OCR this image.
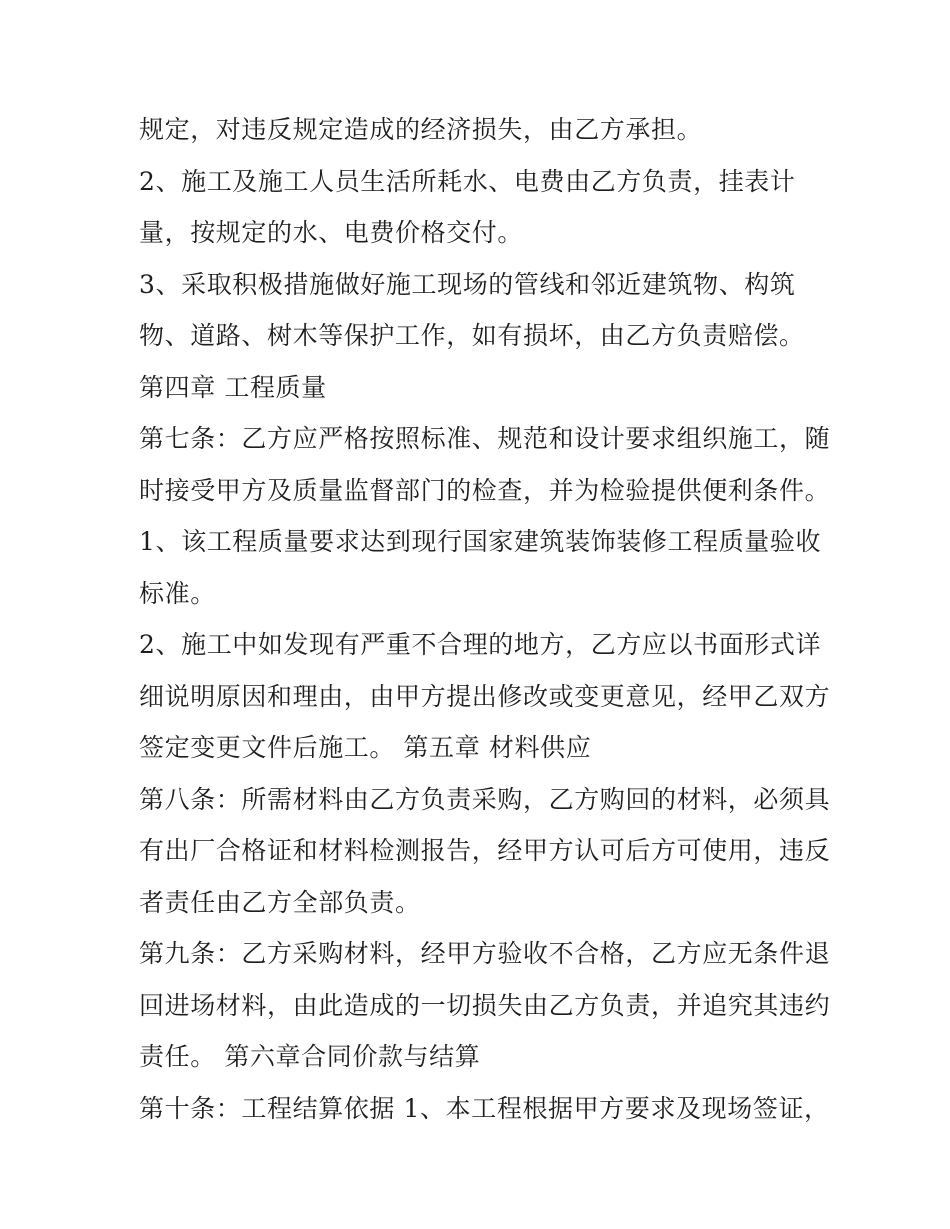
规定，对违反规定造成的经济损失，由乙方承担。
2、施工及施工人员生活所耗水、电费由乙方负责，挂表计
量，按规定的水、电费价格交付。
3、采取积极措施做好施工现场的管线和邻近建筑物、构筑
物、道路、树木等保护工作，如有损坏，由乙方负责赔偿。
第四章 工程质量
第七条：乙方应严格按照标准、规范和设计要求组织施工，随
时接受甲方及质量监督部门的检查，并为检验提供便利条件。
1、该工程质量要求达到现行国家建筑装饰装修工程质量验收
标准。
2、施工中如发现有严重不合理的地方，乙方应以书面形式详
细说明原因和理由，由甲方提出修改或变更意见，经甲乙双方
签定变更文件后施工。 第五章 材料供应
第八条：所需材料由乙方负责采购，乙方购回的材料，必须具
有出厂合格证和材料检测报告，经甲方认可后方可使用，违反
者责任由乙方全部负责。
第九条：乙方采购材料，经甲方验收不合格，乙方应无条件退
回进场材料，由此造成的一切损失由乙方负责，并追究其违约
责任。 第六章合同价款与结算
第十条：工程结算依据 1、本工程根据甲方要求及现场签证，
